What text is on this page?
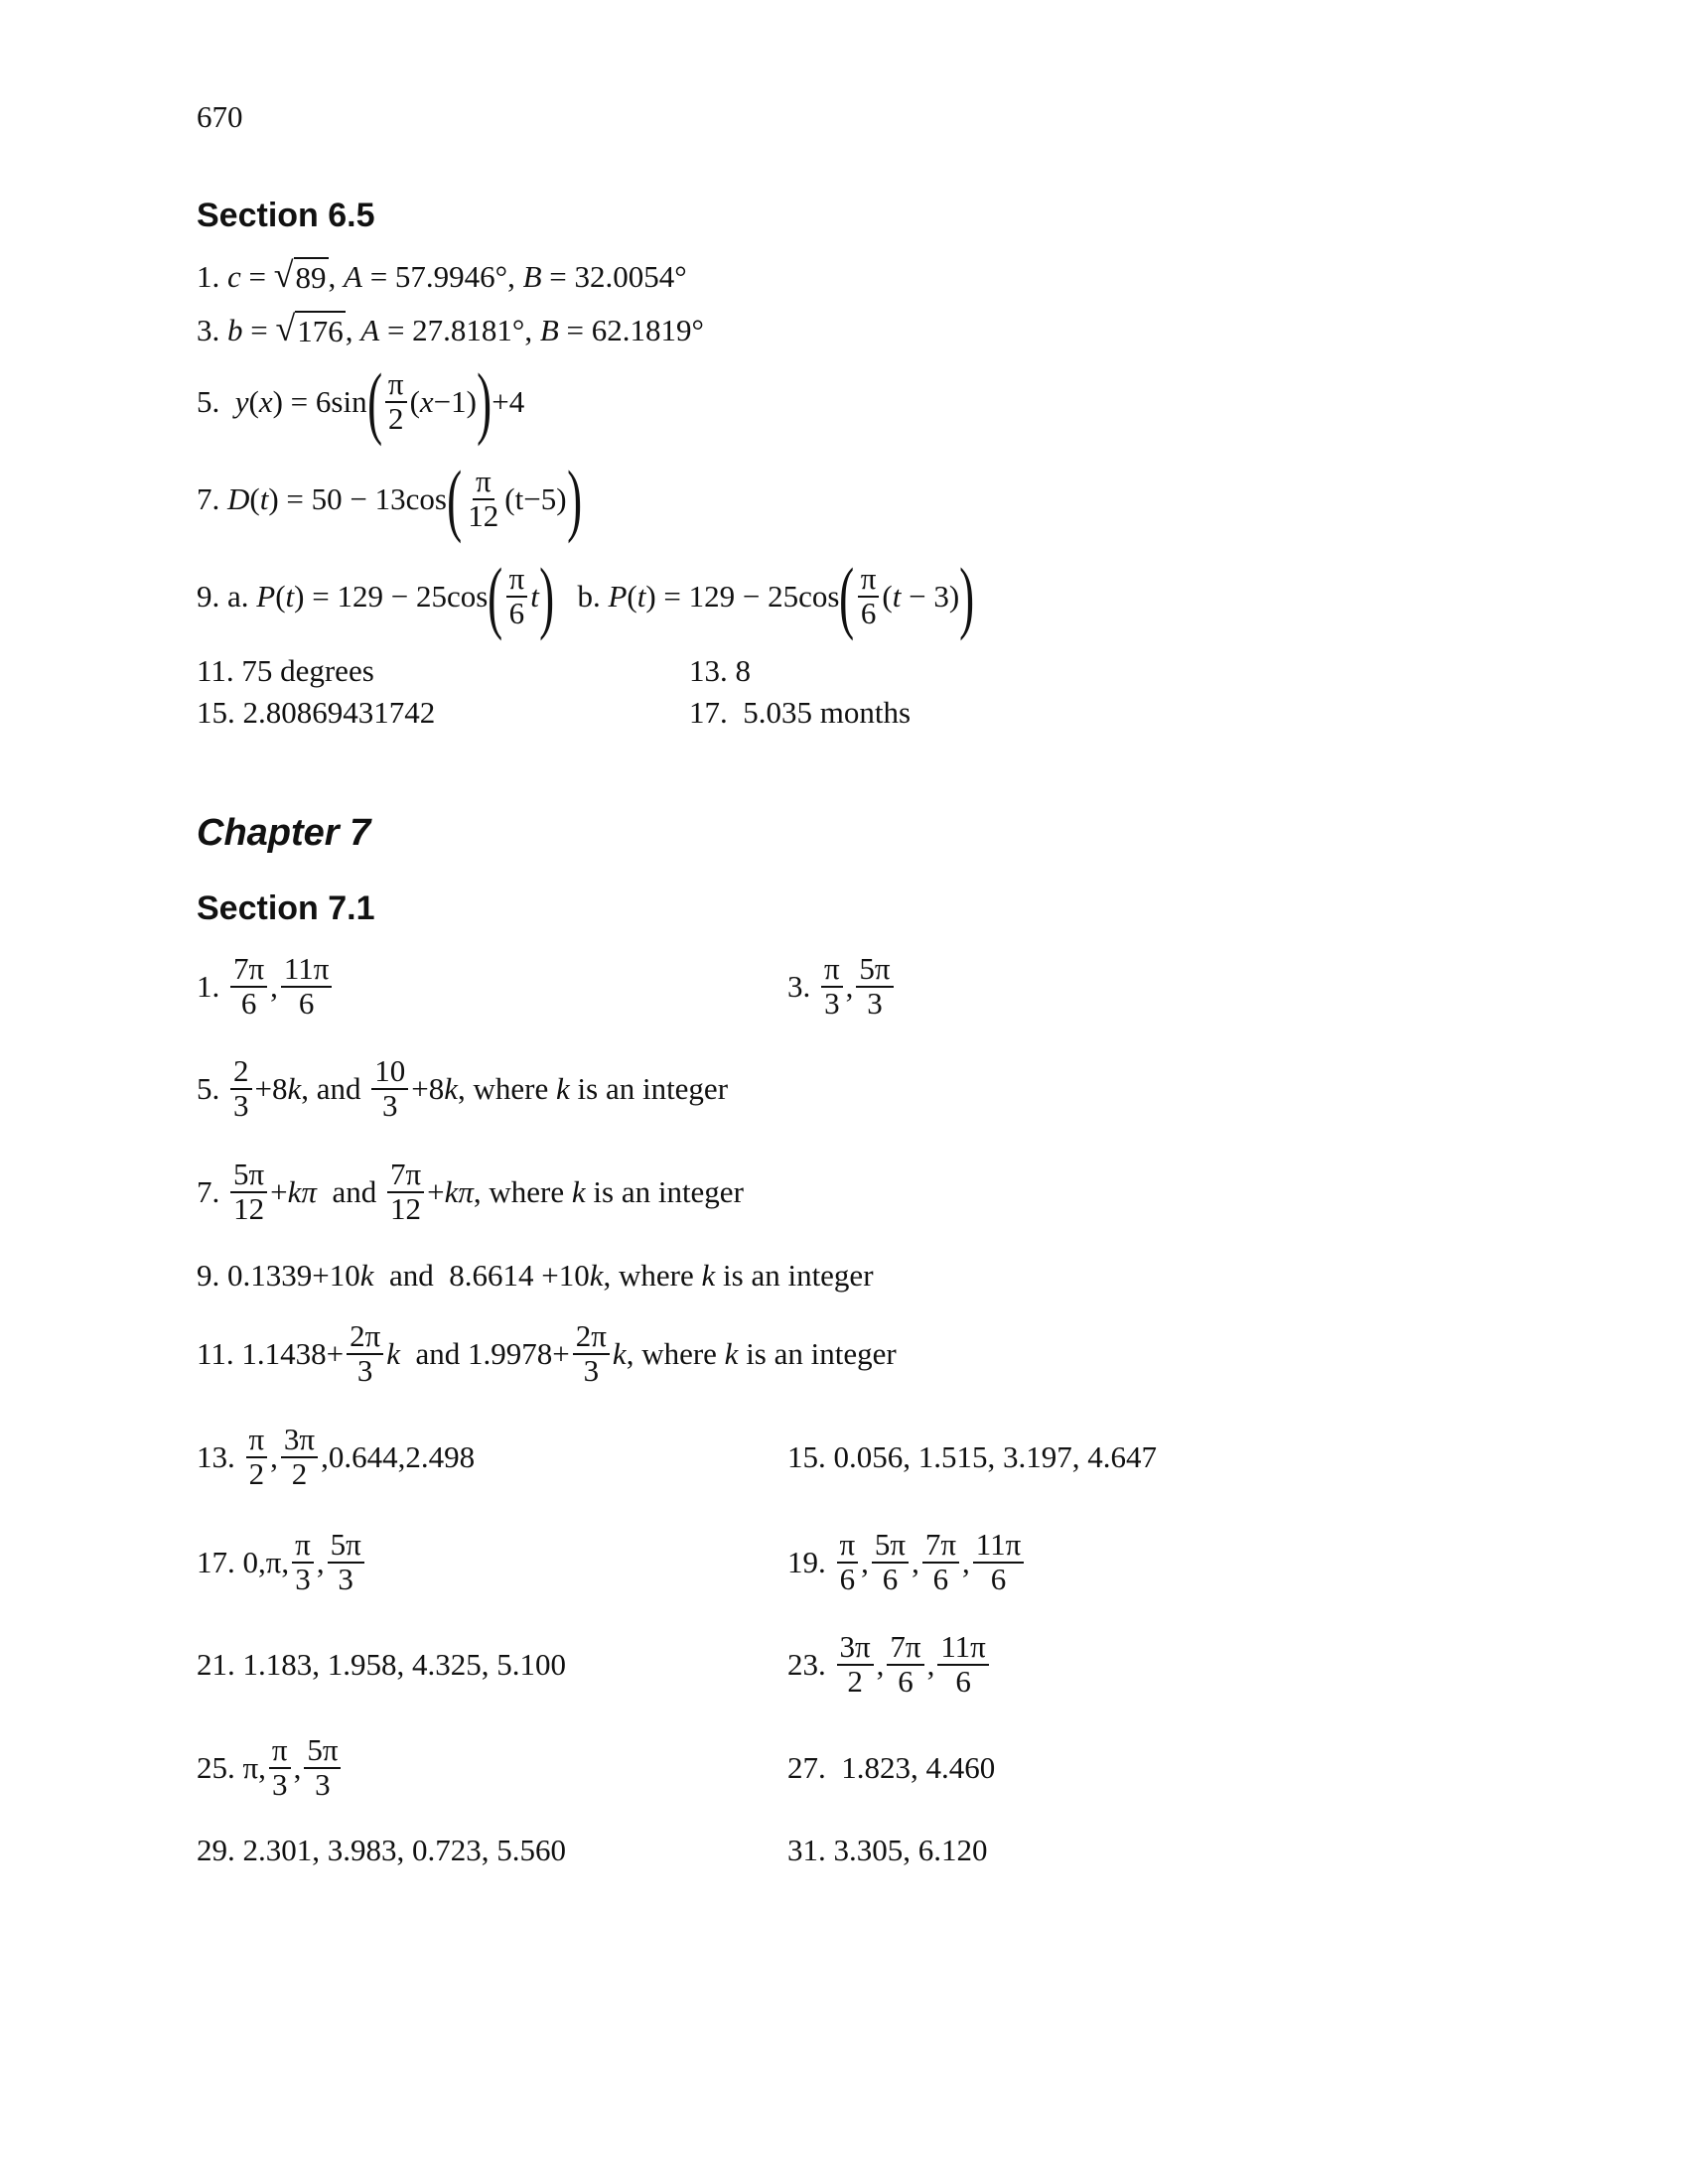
670
Section 6.5
1. c = √ 89 , A = 57.9946°, B = 32.0054°
3. b = √ 176 , A = 27.8181°, B = 62.1819°
5. y ( x ) = 6sin ( $\frac{\pi}{2}$ ( x −1) ) +4
7. D ( t ) = 50 − 13cos ( $\frac{\pi}{12} (t-5)$ )
9. a. P ( t ) = 129 − 25cos ( $\frac{\pi}{6}$ t ) b. P ( t ) = 129 − 25cos ( $\frac{\pi}{6}$ ( t − 3) )
11. 75 degrees	13. 8
15. 2.80869431742	17.  5.035 months
Chapter 7
Section 7.1
1. $\frac{7\pi}{6}$ , $\frac{11\pi}{6}$	3. $\frac{\pi}{3}$ , $\frac{5\pi}{3}$
5. $\frac{2}{3} +8$ k , and $\frac{10}{3} +8$ k , where k is an integer
7. $\frac{5\pi}{12} + k\pi$ and $\frac{7\pi}{12} + k\pi$ , where k is an integer
9. 0.1339+10 k and  8.6614 +10 k , where k is an integer
11. $1.1438+ \frac{2\pi}{3}$ k and $1.9978+ \frac{2\pi}{3}$ k , where k is an integer
13. $\frac{\pi}{2}$ , $\frac{3\pi}{2} ,0.644,2.498$	15. 0.056, 1.515, 3.197, 4.647
17. 0,π, $\frac{\pi}{3}$ , $\frac{5\pi}{3}$	19. $\frac{\pi}{6}$ , $\frac{5\pi}{6}$ , $\frac{7\pi}{6}$ , $\frac{11\pi}{6}$
21. 1.183, 1.958, 4.325, 5.100	23. $\frac{3\pi}{2}$ , $\frac{7\pi}{6}$ , $\frac{11\pi}{6}$
25. π, $\frac{\pi}{3}$ , $\frac{5\pi}{3}$	27.  1.823, 4.460
29. 2.301, 3.983, 0.723, 5.560	31. 3.305, 6.120
